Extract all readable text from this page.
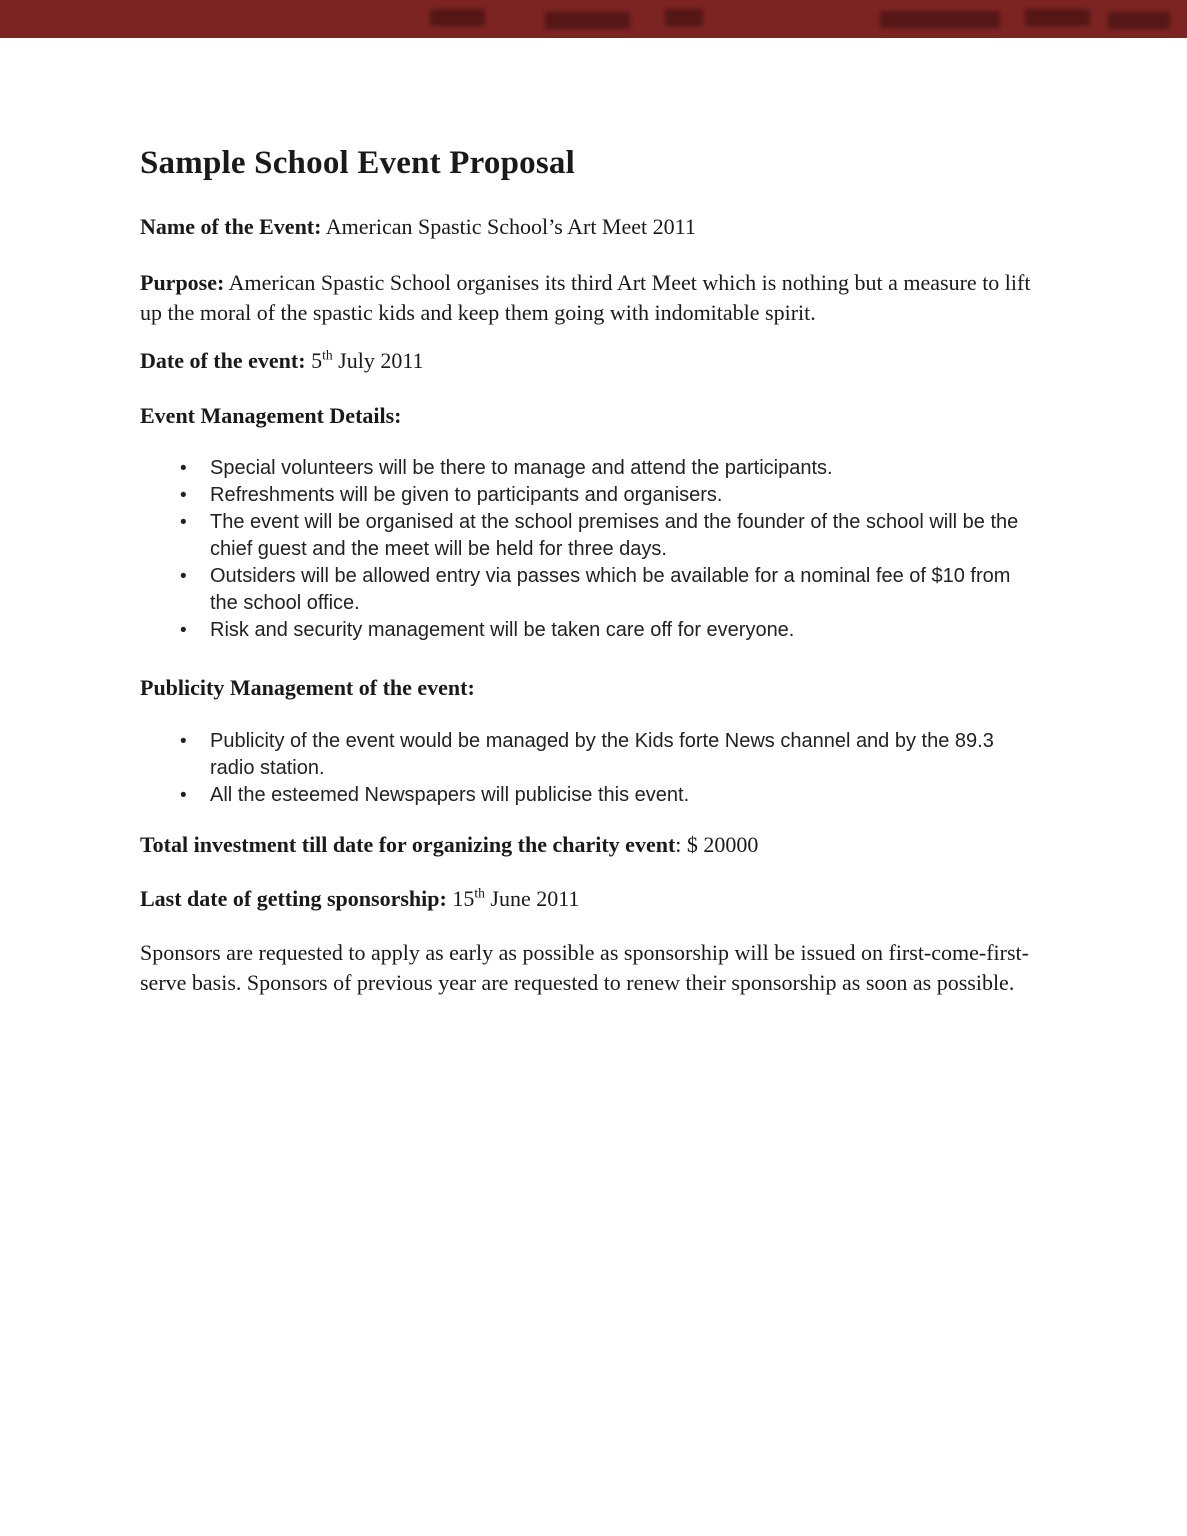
Sample School Event Proposal

Name of the Event: American Spastic School’s Art Meet 2011

Purpose: American Spastic School organises its third Art Meet which is nothing but a measure to lift up the moral of the spastic kids and keep them going with indomitable spirit.

Date of the event: 5th July 2011

Event Management Details:
• Special volunteers will be there to manage and attend the participants.
• Refreshments will be given to participants and organisers.
• The event will be organised at the school premises and the founder of the school will be the chief guest and the meet will be held for three days.
• Outsiders will be allowed entry via passes which be available for a nominal fee of $10 from the school office.
• Risk and security management will be taken care off for everyone.
Publicity Management of the event:
• Publicity of the event would be managed by the Kids forte News channel and by the 89.3 radio station.
• All the esteemed Newspapers will publicise this event.

Total investment till date for organizing the charity event: $ 20000

Last date of getting sponsorship: 15th June 2011

Sponsors are requested to apply as early as possible as sponsorship will be issued on first-come-first-serve basis. Sponsors of previous year are requested to renew their sponsorship as soon as possible.
